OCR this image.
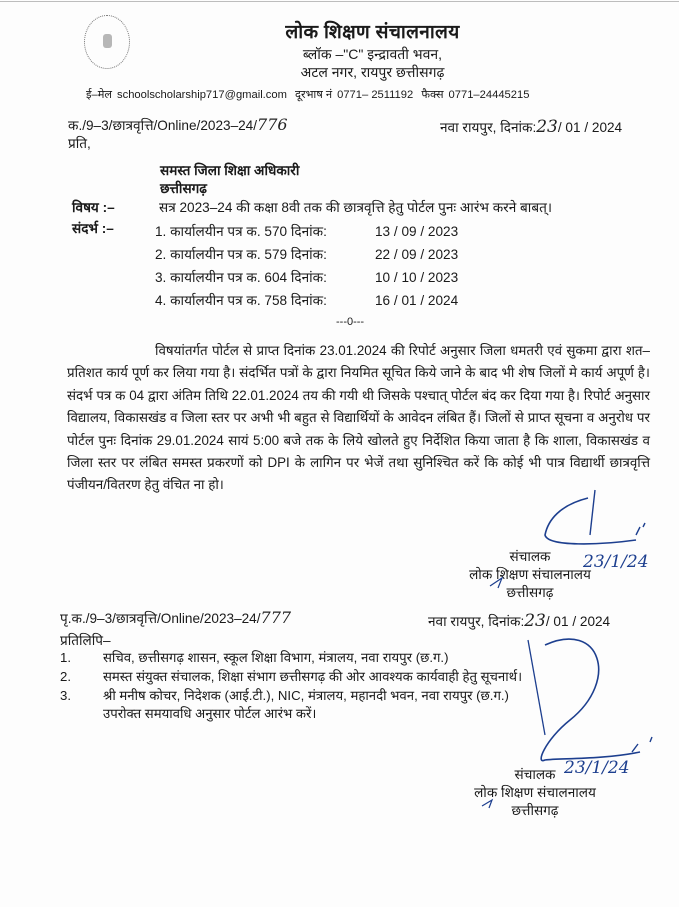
लोक शिक्षण संचालनालय
ब्लॉक –"C" इन्द्रावती भवन,
अटल नगर, रायपुर छत्तीसगढ़
ई–मेल schoolscholarship717@gmail.com दूरभाष नं 0771– 2511192 फैक्स 0771–24445215
क./9–3/छात्रवृत्ति/Online/2023–24/776	नवा रायपुर, दिनांक:23/ 01 / 2024
प्रति,
समस्त जिला शिक्षा अधिकारी
छत्तीसगढ़
विषय :–	सत्र 2023–24 की कक्षा 8वी तक की छात्रवृत्ति हेतु पोर्टल पुनः आरंभ करने बाबत्।
संदर्भ :–	1. कार्यालयीन पत्र क. 570 दिनांक:	13 / 09 / 2023
2. कार्यालयीन पत्र क. 579 दिनांक:	22 / 09 / 2023
3. कार्यालयीन पत्र क. 604 दिनांक:	10 / 10 / 2023
4. कार्यालयीन पत्र क. 758 दिनांक:	16 / 01 / 2024
---0---
विषयांतर्गत पोर्टल से प्राप्त दिनांक 23.01.2024 की रिपोर्ट अनुसार जिला धमतरी एवं सुकमा द्वारा शत–प्रतिशत कार्य पूर्ण कर लिया गया है। संदर्भित पत्रों के द्वारा नियमित सूचित किये जाने के बाद भी शेष जिलों मे कार्य अपूर्ण है। संदर्भ पत्र क 04 द्वारा अंतिम तिथि 22.01.2024 तय की गयी थी जिसके पश्चात् पोर्टल बंद कर दिया गया है। रिपोर्ट अनुसार विद्यालय, विकासखंड व जिला स्तर पर अभी भी बहुत से विद्यार्थियों के आवेदन लंबित हैं। जिलों से प्राप्त सूचना व अनुरोध पर पोर्टल पुनः दिनांक 29.01.2024 सायं 5:00 बजे तक के लिये खोलते हुए निर्देशित किया जाता है कि शाला, विकासखंड व जिला स्तर पर लंबित समस्त प्रकरणों को DPI के लागिन पर भेजें तथा सुनिश्चित करें कि कोई भी पात्र विद्यार्थी छात्रवृत्ति पंजीयन/वितरण हेतु वंचित ना हो।
संचालक
लोक शिक्षण संचालनालय
छत्तीसगढ़
23/1/24
पृ.क./9–3/छात्रवृत्ति/Online/2023–24/777	नवा रायपुर, दिनांक:23/ 01 / 2024
प्रतिलिपि–
1. सचिव, छत्तीसगढ़ शासन, स्कूल शिक्षा विभाग, मंत्रालय, नवा रायपुर (छ.ग.)
2. समस्त संयुक्त संचालक, शिक्षा संभाग छत्तीसगढ़ की ओर आवश्यक कार्यवाही हेतु सूचनार्थ।
3. श्री मनीष कोचर, निदेशक (आई.टी.), NIC, मंत्रालय, महानदी भवन, नवा रायपुर (छ.ग.)
उपरोक्त समयावधि अनुसार पोर्टल आरंभ करें।
संचालक
लोक शिक्षण संचालनालय
छत्तीसगढ़
23/1/24
